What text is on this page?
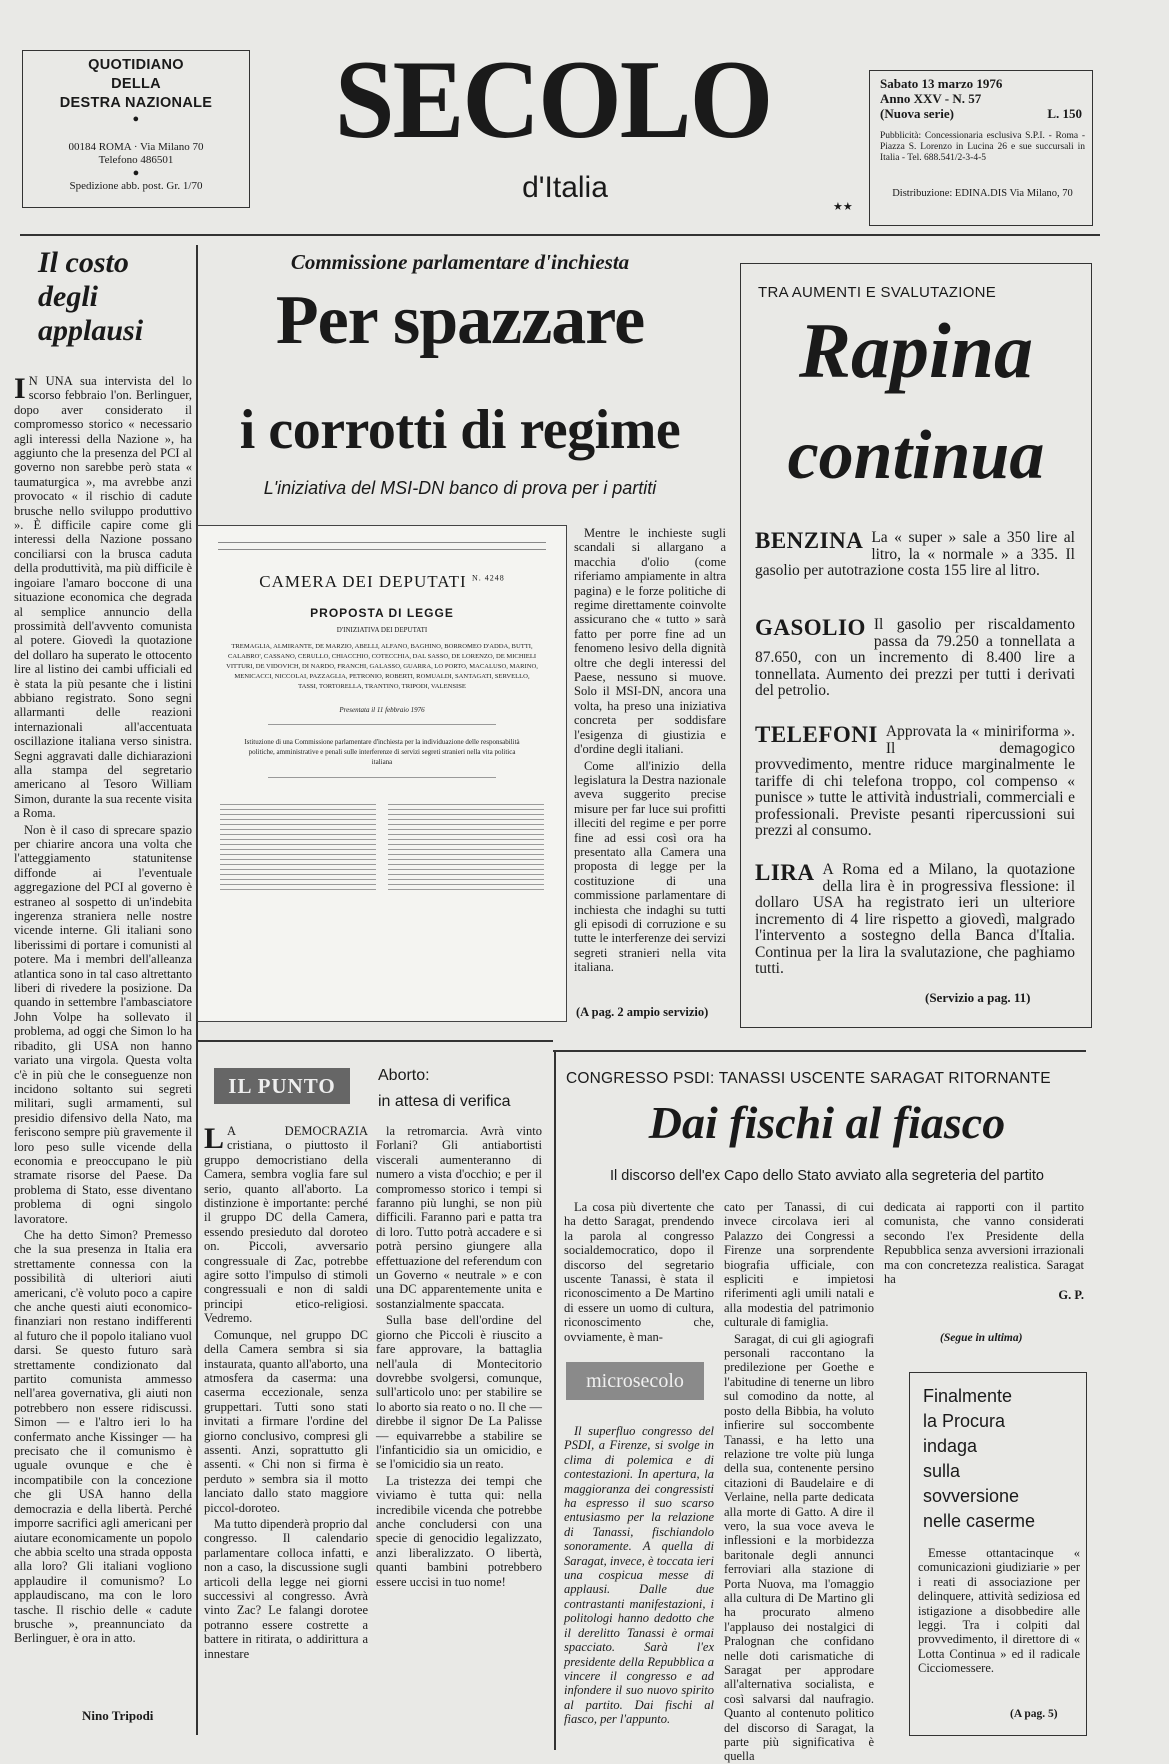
QUOTIDIANO
DELLA
DESTRA NAZIONALE
●
00184 ROMA · Via Milano 70
Telefono 486501
●
Spedizione abb. post. Gr. 1/70
SECOLO
d'Italia
★★
Sabato 13 marzo 1976
Anno XXV - N. 57
(Nuova serie)	L. 150
Pubblicità: Concessionaria esclusiva S.P.I. - Roma - Piazza S. Lorenzo in Lucina 26 e sue succursali in Italia - Tel. 688.541/2-3-4-5
Distribuzione: EDINA.DIS Via Milano, 70
Il costo
degli
applausi

I N UNA sua intervista del lo scorso febbraio l'on. Berlinguer, dopo aver considerato il compromesso storico « necessario agli interessi della Nazione », ha aggiunto che la presenza del PCI al governo non sarebbe però stata « taumaturgica », ma avrebbe anzi provocato « il rischio di cadute brusche nello sviluppo produttivo ». È difficile capire come gli interessi della Nazione possano conciliarsi con la brusca caduta della produttività, ma più difficile è ingoiare l'amaro boccone di una situazione economica che degrada al semplice annuncio della prossimità dell'avvento comunista al potere. Giovedì la quotazione del dollaro ha superato le ottocento lire al listino dei cambi ufficiali ed è stata la più pesante che i listini abbiano registrato. Sono segni allarmanti delle reazioni internazionali all'accentuata oscillazione italiana verso sinistra. Segni aggravati dalle dichiarazioni alla stampa del segretario americano al Tesoro William Simon, durante la sua recente visita a Roma.

Non è il caso di sprecare spazio per chiarire ancora una volta che l'atteggiamento statunitense diffonde ai l'eventuale aggregazione del PCI al governo è estraneo al sospetto di un'indebita ingerenza straniera nelle nostre vicende interne. Gli italiani sono liberissimi di portare i comunisti al potere. Ma i membri dell'alleanza atlantica sono in tal caso altrettanto liberi di rivedere la posizione. Da quando in settembre l'ambasciatore John Volpe ha sollevato il problema, ad oggi che Simon lo ha ribadito, gli USA non hanno variato una virgola. Questa volta c'è in più che le conseguenze non incidono soltanto sui segreti militari, sugli armamenti, sul presidio difensivo della Nato, ma feriscono sempre più gravemente il loro peso sulle vicende della economia e preoccupano le più stramate risorse del Paese. Da problema di Stato, esse diventano problema di ogni singolo lavoratore.

Che ha detto Simon? Premesso che la sua presenza in Italia era strettamente connessa con la possibilità di ulteriori aiuti americani, c'è voluto poco a capire che anche questi aiuti economico-finanziari non restano indifferenti al futuro che il popolo italiano vuol darsi. Se questo futuro sarà strettamente condizionato dal partito comunista ammesso nell'area governativa, gli aiuti non potrebbero non essere ridiscussi. Simon — e l'altro ieri lo ha confermato anche Kissinger — ha precisato che il comunismo è uguale ovunque e che è incompatibile con la concezione che gli USA hanno della democrazia e della libertà. Perché imporre sacrifici agli americani per aiutare economicamente un popolo che abbia scelto una strada opposta alla loro? Gli italiani vogliono applaudire il comunismo? Lo applaudiscano, ma con le loro tasche. Il rischio delle « cadute brusche », preannunciato da Berlinguer, è ora in atto.

Nino Tripodi
Commissione parlamentare d'inchiesta
Per spazzare
i corrotti di regime
L'iniziativa del MSI-DN banco di prova per i partiti
CAMERA DEI DEPUTATI $^{N. 4248}$
PROPOSTA DI LEGGE
D'INIZIATIVA DEI DEPUTATI
TREMAGLIA, ALMIRANTE, DE MARZIO, ABELLI, ALFANO, BAGHINO, BORROMEO D'ADDA, BUTTI, CALABRO', CASSANO, CERULLO, CHIACCHIO, COTECCHIA, DAL SASSO, DE LORENZO, DE MICHIELI VITTURI, DE VIDOVICH, DI NARDO, FRANCHI, GALASSO, GUARRA, LO PORTO, MACALUSO, MARINO, MENICACCI, NICCOLAI, PAZZAGLIA, PETRONIO, ROBERTI, ROMUALDI, SANTAGATI, SERVELLO, TASSI, TORTORELLA, TRANTINO, TRIPODI, VALENSISE
Presentata il 11 febbraio 1976
Istituzione di una Commissione parlamentare d'inchiesta per la individuazione delle responsabilità politiche, amministrative e penali sulle interferenze di servizi segreti stranieri nella vita politica italiana

Mentre le inchieste sugli scandali si allargano a macchia d'olio (come riferiamo ampiamente in altra pagina) e le forze politiche di regime direttamente coinvolte assicurano che « tutto » sarà fatto per porre fine ad un fenomeno lesivo della dignità oltre che degli interessi del Paese, nessuno si muove. Solo il MSI-DN, ancora una volta, ha preso una iniziativa concreta per soddisfare l'esigenza di giustizia e d'ordine degli italiani.

Come all'inizio della legislatura la Destra nazionale aveva suggerito precise misure per far luce sui profitti illeciti del regime e per porre fine ad essi così ora ha presentato alla Camera una proposta di legge per la costituzione di una commissione parlamentare di inchiesta che indaghi su tutti gli episodi di corruzione e su tutte le interferenze dei servizi segreti stranieri nella vita italiana.

(A pag. 2 ampio servizio)
TRA AUMENTI E SVALUTAZIONE
Rapina
continua
BENZINA La « super » sale a 350 lire al litro, la « normale » a 335. Il gasolio per autotrazione costa 155 lire al litro.
GASOLIO Il gasolio per riscaldamento passa da 79.250 a tonnellata a 87.650, con un incremento di 8.400 lire a tonnellata. Aumento dei prezzi per tutti i derivati del petrolio.
TELEFONI Approvata la « miniriforma ». Il demagogico provvedimento, mentre riduce marginalmente le tariffe di chi telefona troppo, col compenso « punisce » tutte le attività industriali, commerciali e professionali. Previste pesanti ripercussioni sui prezzi al consumo.
LIRA A Roma ed a Milano, la quotazione della lira è in progressiva flessione: il dollaro USA ha registrato ieri un ulteriore incremento di 4 lire rispetto a giovedì, malgrado l'intervento a sostegno della Banca d'Italia. Continua per la lira la svalutazione, che paghiamo tutti.
(Servizio a pag. 11)
IL PUNTO	Aborto:
in attesa di verifica

L A DEMOCRAZIA cristiana, o piuttosto il gruppo democristiano della Camera, sembra voglia fare sul serio, quanto all'aborto. La distinzione è importante: perché il gruppo DC della Camera, essendo presieduto dal doroteo on. Piccoli, avversario congressuale di Zac, potrebbe agire sotto l'impulso di stimoli congressuali e non di saldi principi etico-religiosi. Vedremo.

Comunque, nel gruppo DC della Camera sembra si sia instaurata, quanto all'aborto, una atmosfera da caserma: una caserma eccezionale, senza gruppettari. Tutti sono stati invitati a firmare l'ordine del giorno conclusivo, compresi gli assenti. Anzi, soprattutto gli assenti. « Chi non si firma è perduto » sembra sia il motto lanciato dallo stato maggiore piccol-doroteo.

Ma tutto dipenderà proprio dal congresso. Il calendario parlamentare colloca infatti, e non a caso, la discussione sugli articoli della legge nei giorni successivi al congresso. Avrà vinto Zac? Le falangi dorotee potranno essere costrette a battere in ritirata, o addirittura a innestare

la retromarcia. Avrà vinto Forlani? Gli antiabortisti viscerali aumenteranno di numero a vista d'occhio; e per il compromesso storico i tempi si faranno più lunghi, se non più difficili. Faranno pari e patta tra di loro. Tutto potrà accadere e si potrà persino giungere alla effettuazione del referendum con un Governo « neutrale » e con una DC apparentemente unita e sostanzialmente spaccata.

Sulla base dell'ordine del giorno che Piccoli è riuscito a fare approvare, la battaglia nell'aula di Montecitorio dovrebbe svolgersi, comunque, sull'articolo uno: per stabilire se lo aborto sia reato o no. Il che — direbbe il signor De La Palisse — equivarrebbe a stabilire se l'infanticidio sia un omicidio, e se l'omicidio sia un reato.

La tristezza dei tempi che viviamo è tutta qui: nella incredibile vicenda che potrebbe anche concludersi con una specie di genocidio legalizzato, anzi liberalizzato. O libertà, quanti bambini potrebbero essere uccisi in tuo nome!

CONGRESSO PSDI: TANASSI USCENTE SARAGAT RITORNANTE
Dai fischi al fiasco
Il discorso dell'ex Capo dello Stato avviato alla segreteria del partito

La cosa più divertente che ha detto Saragat, prendendo la parola al congresso socialdemocratico, dopo il discorso del segretario uscente Tanassi, è stata il riconoscimento a De Martino di essere un uomo di cultura, riconoscimento che, ovviamente, è man-

microsecolo

Il superfluo congresso del PSDI, a Firenze, si svolge in clima di polemica e di contestazioni. In apertura, la maggioranza dei congressisti ha espresso il suo scarso entusiasmo per la relazione di Tanassi, fischiandolo sonoramente. A quella di Saragat, invece, è toccata ieri una cospicua messe di applausi. Dalle due contrastanti manifestazioni, i politologi hanno dedotto che il derelitto Tanassi è ormai spacciato. Sarà l'ex presidente della Repubblica a vincere il congresso e ad infondere il suo nuovo spirito al partito. Dai fischi al fiasco, per l'appunto.

cato per Tanassi, di cui invece circolava ieri al Palazzo dei Congressi a Firenze una sorprendente biografia ufficiale, con espliciti e impietosi riferimenti agli umili natali e alla modestia del patrimonio culturale di famiglia.

Saragat, di cui gli agiografi personali raccontano la predilezione per Goethe e l'abitudine di tenerne un libro sul comodino da notte, al posto della Bibbia, ha voluto infierire sul soccombente Tanassi, e ha letto una relazione tre volte più lunga della sua, contenente persino citazioni di Baudelaire e di Verlaine, nella parte dedicata alla morte di Gatto. A dire il vero, la sua voce aveva le inflessioni e la morbidezza baritonale degli annunci ferroviari alla stazione di Porta Nuova, ma l'omaggio alla cultura di De Martino gli ha procurato almeno l'applauso dei nostalgici di Pralognan che confidano nelle doti carismatiche di Saragat per approdare all'alternativa socialista, e così salvarsi dal naufragio. Quanto al contenuto politico del discorso di Saragat, la parte più significativa è quella

dedicata ai rapporti con il partito comunista, che vanno considerati secondo l'ex Presidente della Repubblica senza avversioni irrazionali ma con concretezza realistica. Saragat ha

G. P.

(Segue in ultima)
Finalmente
la Procura
indaga
sulla
sovversione
nelle caserme

Emesse ottantacinque « comunicazioni giudiziarie » per i reati di associazione per delinquere, attività sediziosa ed istigazione a disobbedire alle leggi. Tra i colpiti dal provvedimento, il direttore di « Lotta Continua » ed il radicale Cicciomessere.

(A pag. 5)
